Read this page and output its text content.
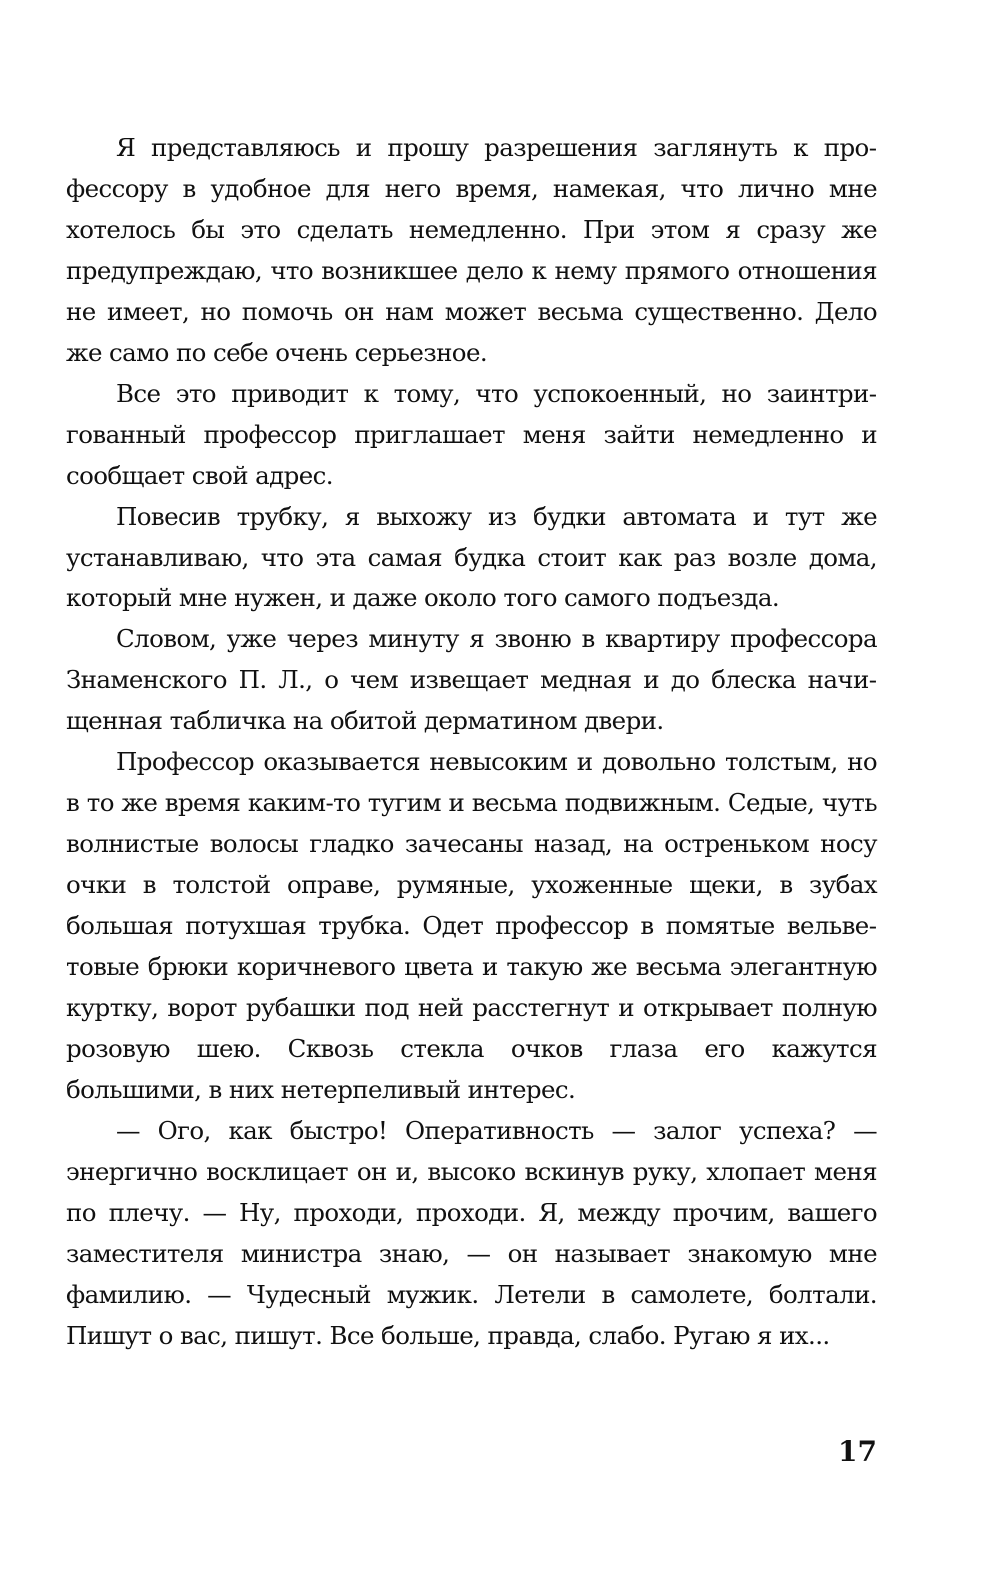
Я представляюсь и прошу разрешения заглянуть к профессору в удобное для него время, намекая, что лично мне хотелось бы это сделать немедленно. При этом я сразу же предупреждаю, что возникшее дело к нему прямого отношения не имеет, но помочь он нам может весьма существенно. Дело же само по себе очень серьезное.

Все это приводит к тому, что успокоенный, но заинтригованный профессор приглашает меня зайти немедленно и сообщает свой адрес.

Повесив трубку, я выхожу из будки автомата и тут же устанавливаю, что эта самая будка стоит как раз возле дома, который мне нужен, и даже около того самого подъезда.

Словом, уже через минуту я звоню в квартиру профессора Знаменского П. Л., о чем извещает медная и до блеска начищенная табличка на обитой дерматином двери.

Профессор оказывается невысоким и довольно толстым, но в то же время каким-то тугим и весьма подвижным. Седые, чуть волнистые волосы гладко зачесаны назад, на остреньком носу очки в толстой оправе, румяные, ухоженные щеки, в зубах большая потухшая трубка. Одет профессор в помятые вельветовые брюки коричневого цвета и такую же весьма элегантную куртку, ворот рубашки под ней расстегнут и открывает полную розовую шею. Сквозь стекла очков глаза его кажутся большими, в них нетерпеливый интерес.

— Ого, как быстро! Оперативность — залог успеха? — энергично восклицает он и, высоко вскинув руку, хлопает меня по плечу. — Ну, проходи, проходи. Я, между прочим, вашего заместителя министра знаю, — он называет знакомую мне фамилию. — Чудесный мужик. Летели в самолете, болтали. Пишут о вас, пишут. Все больше, правда, слабо. Ругаю я их...

17
